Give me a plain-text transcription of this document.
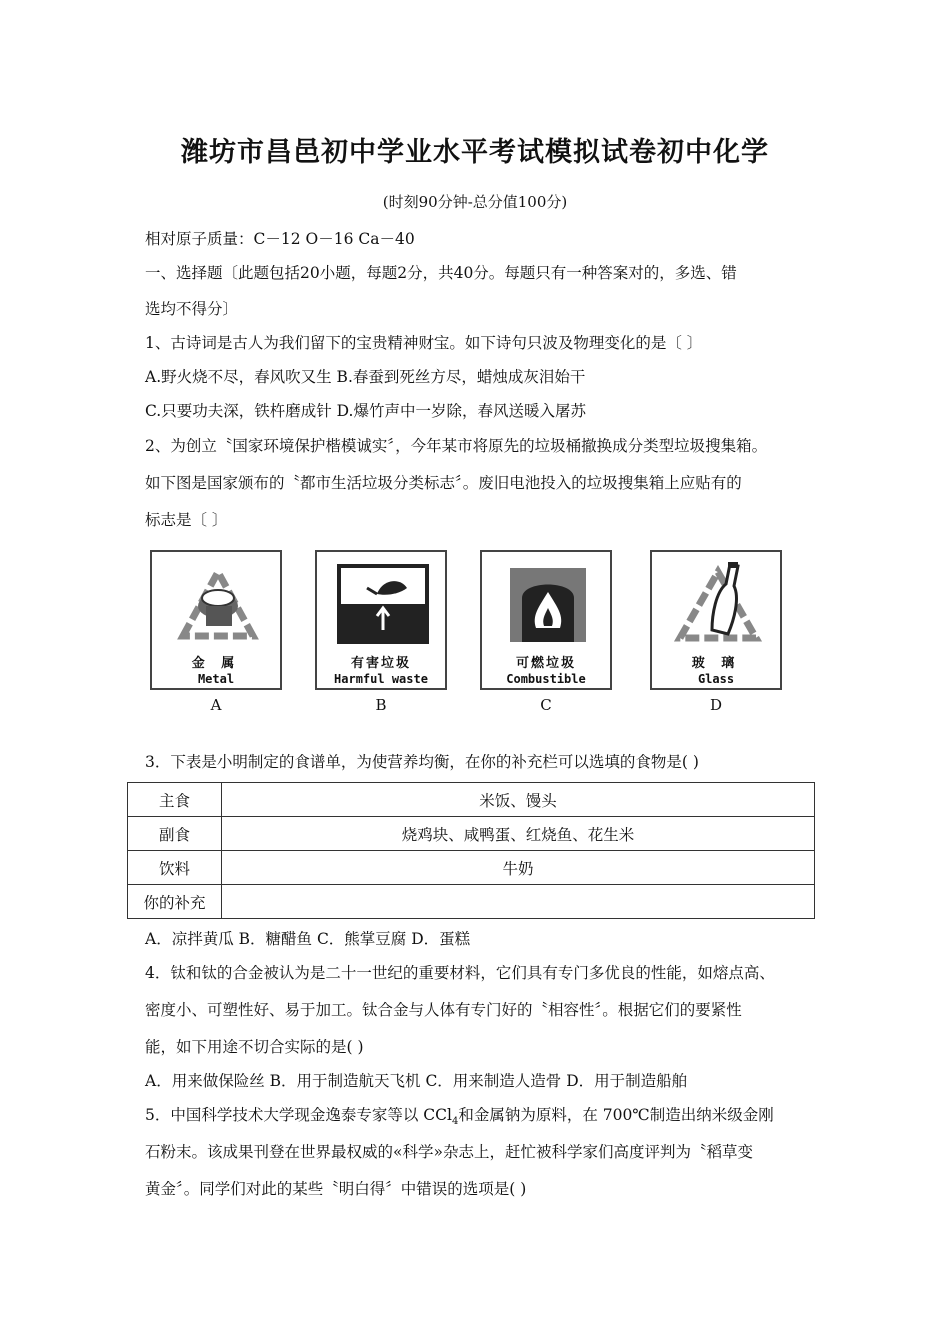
潍坊市昌邑初中学业水平考试模拟试卷初中化学
(时刻90分钟-总分值100分)
相对原子质量：C－12 O－16 Ca－40
一、选择题〔此题包括20小题，每题2分，共40分。每题只有一种答案对的，多选、错
选均不得分〕
1、古诗词是古人为我们留下的宝贵精神财宝。如下诗句只波及物理变化的是〔 〕
A.野火烧不尽，春风吹又生 B.春蚕到死丝方尽，蜡烛成灰泪始干
C.只要功夫深，铁杵磨成针 D.爆竹声中一岁除，春风送暖入屠苏
2、为创立〝国家环境保护楷模诚实〞，今年某市将原先的垃圾桶撤换成分类型垃圾搜集箱。
如下图是国家颁布的〝都市生活垃圾分类标志〞。废旧电池投入的垃圾搜集箱上应贴有的
标志是〔 〕
金 属
Metal
A
有害垃圾
Harmful waste
B
可燃垃圾
Combustible
C
玻 璃
Glass
D
3．下表是小明制定的食谱单，为使营养均衡，在你的补充栏可以选填的食物是( )
主食	米饭、馒头
副食	烧鸡块、咸鸭蛋、红烧鱼、花生米
饮料	牛奶
你的补充	
A．凉拌黄瓜 B．糖醋鱼 C．熊掌豆腐 D．蛋糕
4．钛和钛的合金被认为是二十一世纪的重要材料，它们具有专门多优良的性能，如熔点高、
密度小、可塑性好、易于加工。钛合金与人体有专门好的〝相容性〞。根据它们的要紧性
能，如下用途不切合实际的是( )
A．用来做保险丝 B．用于制造航天飞机 C．用来制造人造骨 D．用于制造船舶
5．中国科学技术大学现金逸泰专家等以 CCl$_4$和金属钠为原料，在 700℃制造出纳米级金刚
石粉末。该成果刊登在世界最权威的«科学»杂志上，赶忙被科学家们高度评判为〝稻草变
黄金〞。同学们对此的某些〝明白得〞中错误的选项是( )
